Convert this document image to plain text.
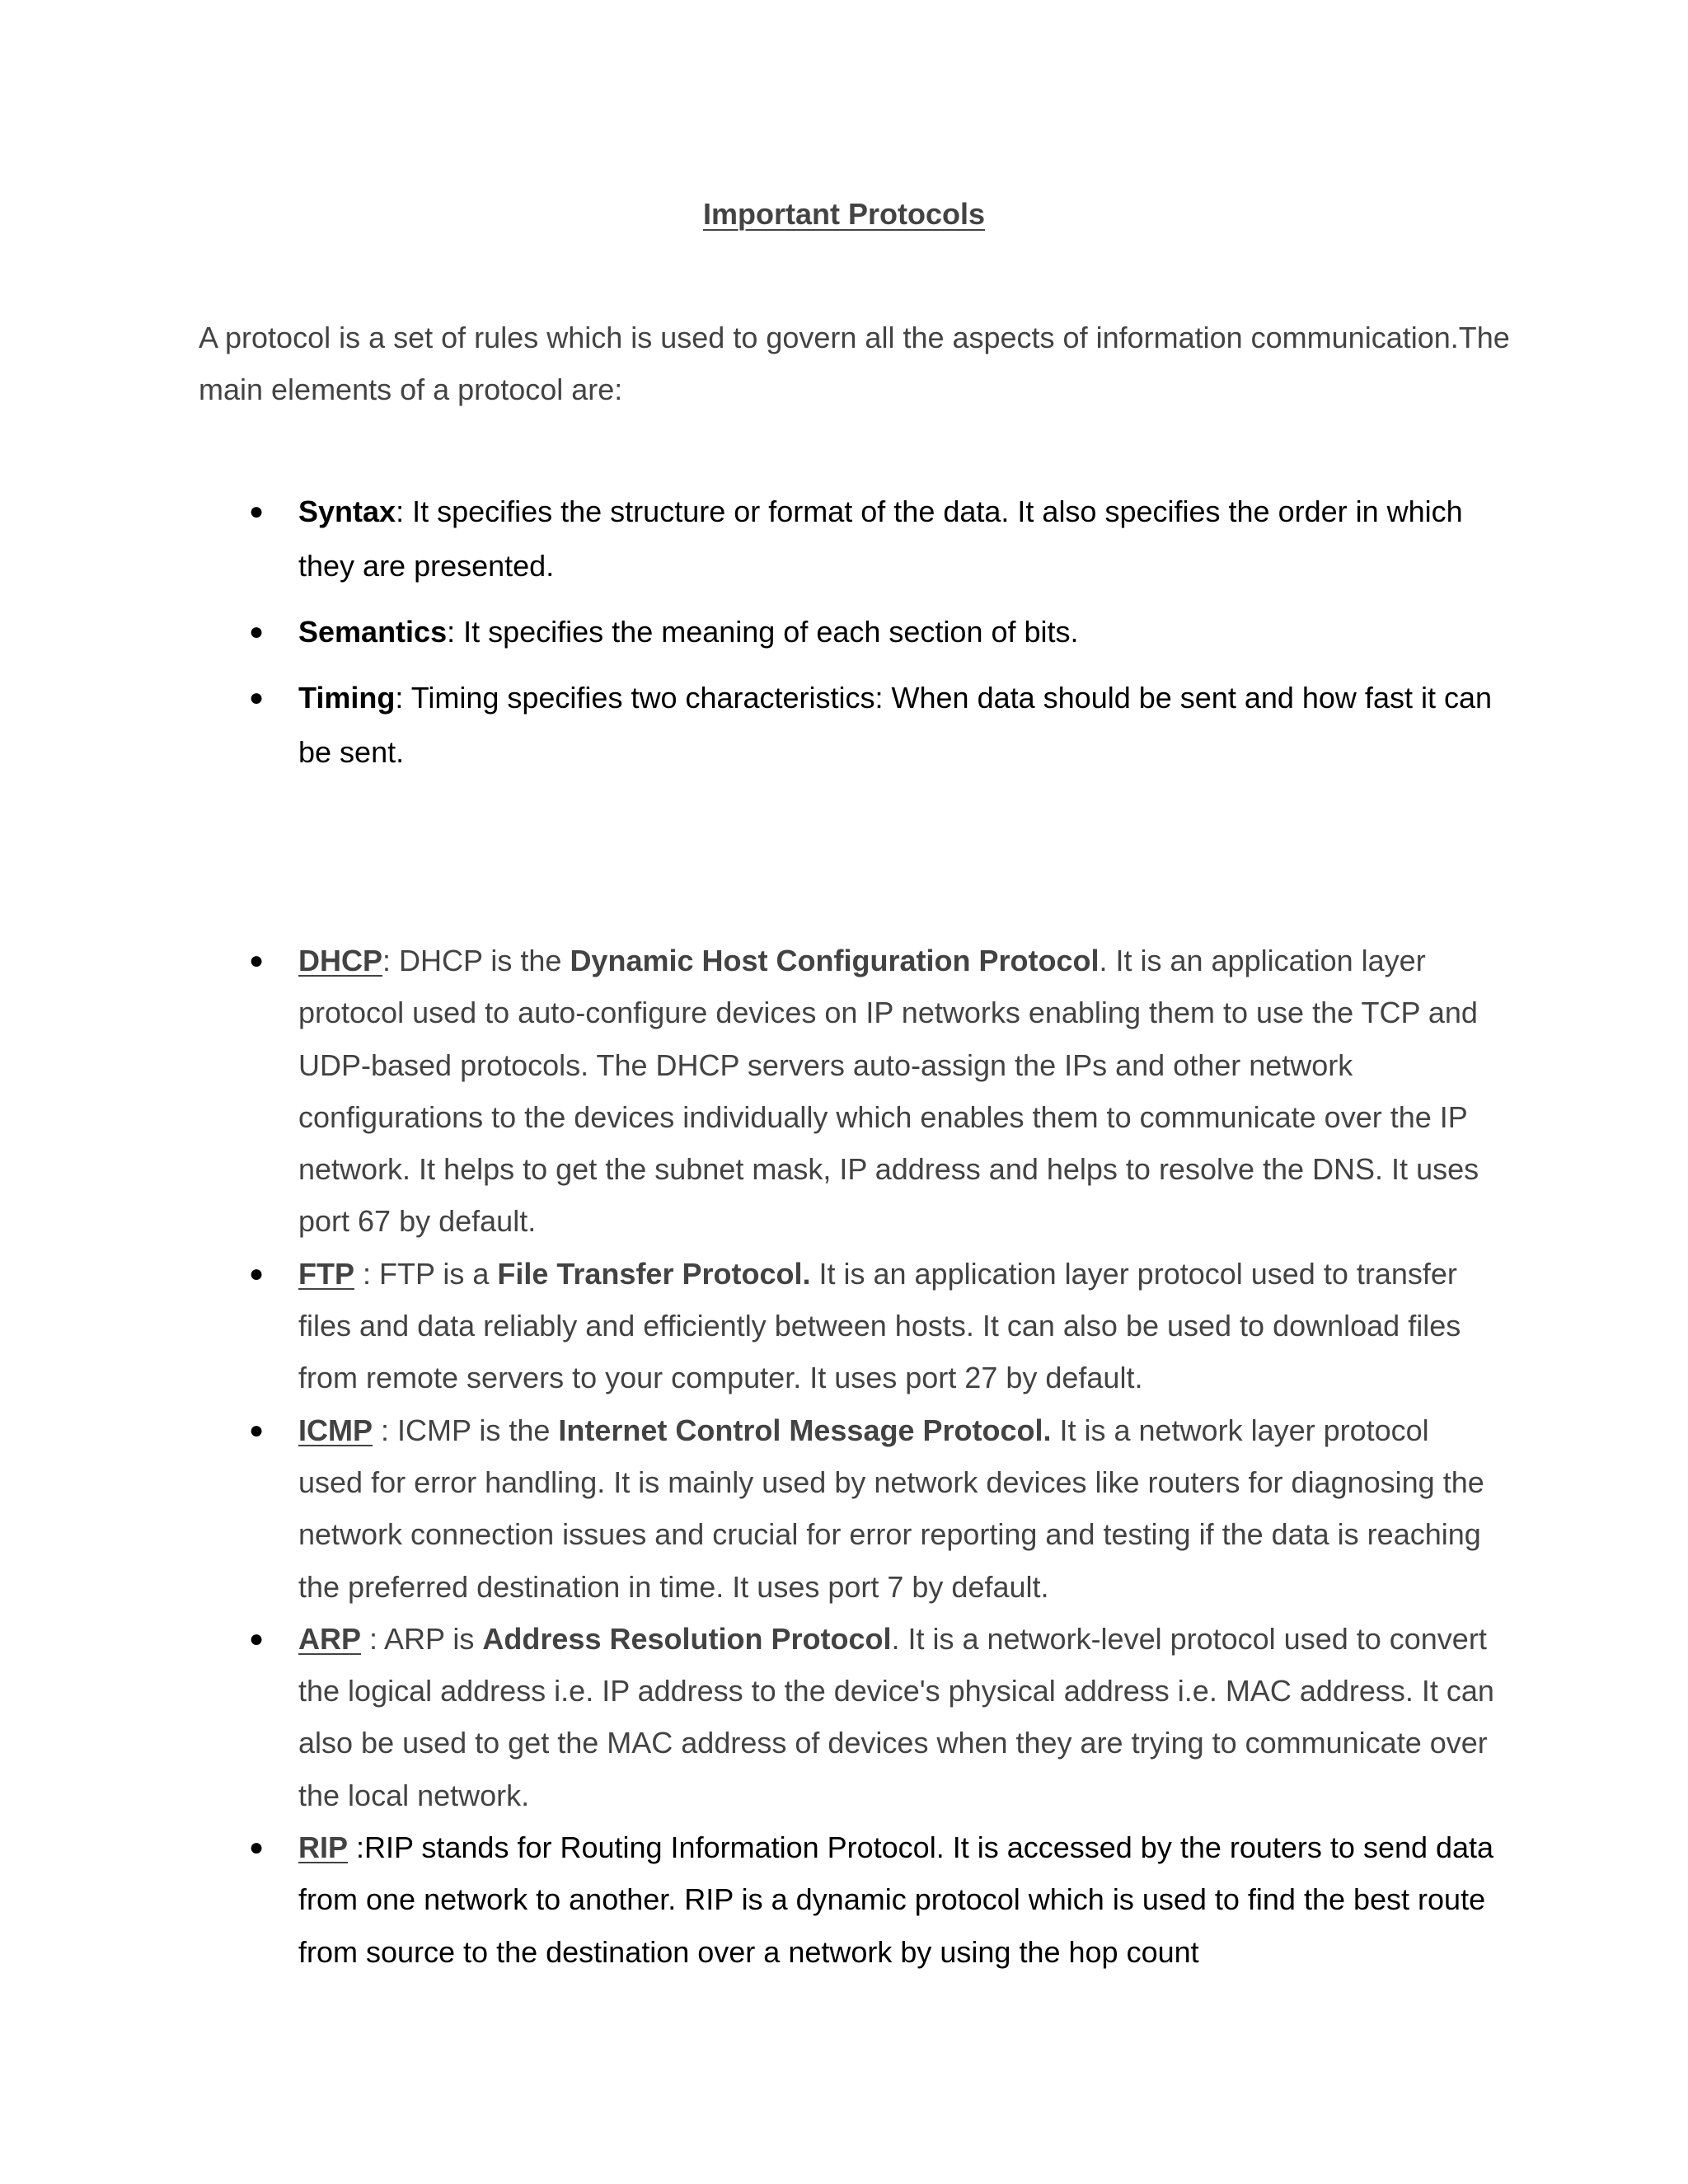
Important Protocols

A protocol is a set of rules which is used to govern all the aspects of information communication.The main elements of a protocol are:

● Syntax: It specifies the structure or format of the data. It also specifies the order in which they are presented.
● Semantics: It specifies the meaning of each section of bits.
● Timing: Timing specifies two characteristics: When data should be sent and how fast it can be sent.
● DHCP: DHCP is the Dynamic Host Configuration Protocol. It is an application layer protocol used to auto-configure devices on IP networks enabling them to use the TCP and UDP-based protocols. The DHCP servers auto-assign the IPs and other network configurations to the devices individually which enables them to communicate over the IP network. It helps to get the subnet mask, IP address and helps to resolve the DNS. It uses port 67 by default.
● FTP : FTP is a File Transfer Protocol. It is an application layer protocol used to transfer files and data reliably and efficiently between hosts. It can also be used to download files from remote servers to your computer. It uses port 27 by default.
● ICMP : ICMP is the Internet Control Message Protocol. It is a network layer protocol used for error handling. It is mainly used by network devices like routers for diagnosing the network connection issues and crucial for error reporting and testing if the data is reaching the preferred destination in time. It uses port 7 by default.
● ARP : ARP is Address Resolution Protocol. It is a network-level protocol used to convert the logical address i.e. IP address to the device's physical address i.e. MAC address. It can also be used to get the MAC address of devices when they are trying to communicate over the local network.
● RIP :RIP stands for Routing Information Protocol. It is accessed by the routers to send data from one network to another. RIP is a dynamic protocol which is used to find the best route from source to the destination over a network by using the hop count
